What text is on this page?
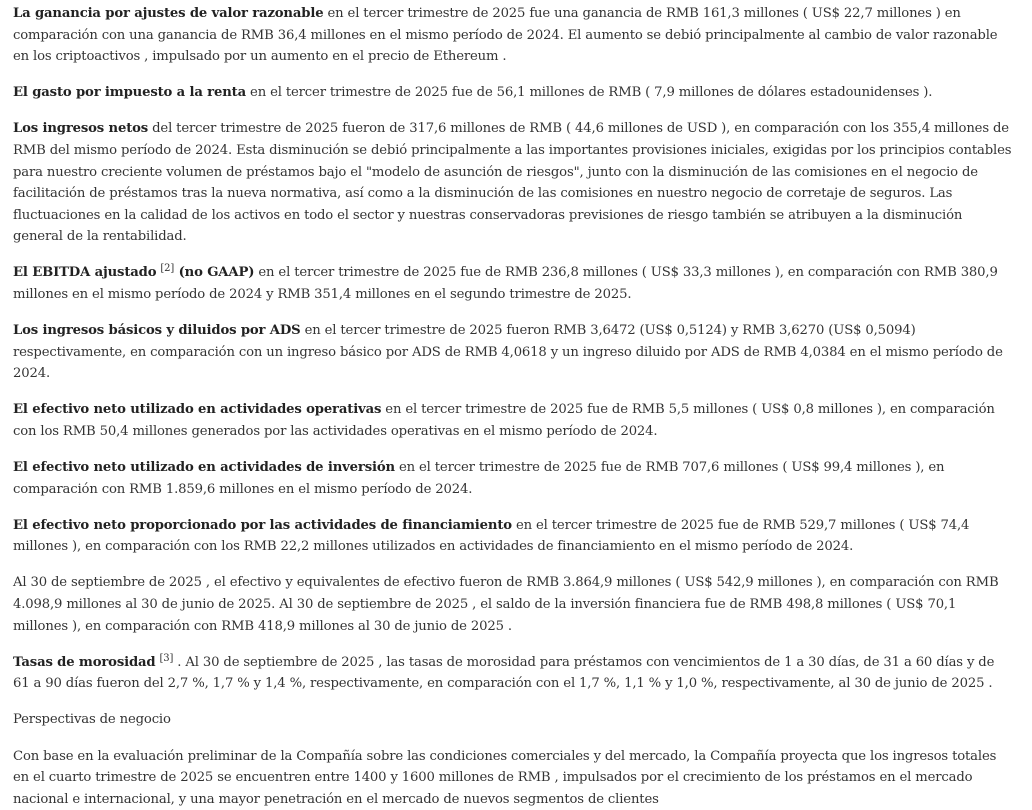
La ganancia por ajustes de valor razonable en el tercer trimestre de 2025 fue una ganancia de RMB 161,3 millones ( US$ 22,7 millones ) en comparación con una ganancia de RMB 36,4 millones en el mismo período de 2024. El aumento se debió principalmente al cambio de valor razonable en los criptoactivos , impulsado por un aumento en el precio de Ethereum .

El gasto por impuesto a la renta en el tercer trimestre de 2025 fue de 56,1 millones de RMB ( 7,9 millones de dólares estadounidenses ).

Los ingresos netos del tercer trimestre de 2025 fueron de 317,6 millones de RMB ( 44,6 millones de USD ), en comparación con los 355,4 millones de RMB del mismo período de 2024. Esta disminución se debió principalmente a las importantes provisiones iniciales, exigidas por los principios contables para nuestro creciente volumen de préstamos bajo el "modelo de asunción de riesgos", junto con la disminución de las comisiones en el negocio de facilitación de préstamos tras la nueva normativa, así como a la disminución de las comisiones en nuestro negocio de corretaje de seguros. Las fluctuaciones en la calidad de los activos en todo el sector y nuestras conservadoras previsiones de riesgo también se atribuyen a la disminución general de la rentabilidad.

El EBITDA ajustado [2] (no GAAP) en el tercer trimestre de 2025 fue de RMB 236,8 millones ( US$ 33,3 millones ), en comparación con RMB 380,9 millones en el mismo período de 2024 y RMB 351,4 millones en el segundo trimestre de 2025.

Los ingresos básicos y diluidos por ADS en el tercer trimestre de 2025 fueron RMB 3,6472 (US$ 0,5124) y RMB 3,6270 (US$ 0,5094) respectivamente, en comparación con un ingreso básico por ADS de RMB 4,0618 y un ingreso diluido por ADS de RMB 4,0384 en el mismo período de 2024.

El efectivo neto utilizado en actividades operativas en el tercer trimestre de 2025 fue de RMB 5,5 millones ( US$ 0,8 millones ), en comparación con los RMB 50,4 millones generados por las actividades operativas en el mismo período de 2024.

El efectivo neto utilizado en actividades de inversión en el tercer trimestre de 2025 fue de RMB 707,6 millones ( US$ 99,4 millones ), en comparación con RMB 1.859,6 millones en el mismo período de 2024.

El efectivo neto proporcionado por las actividades de financiamiento en el tercer trimestre de 2025 fue de RMB 529,7 millones ( US$ 74,4 millones ), en comparación con los RMB 22,2 millones utilizados en actividades de financiamiento en el mismo período de 2024.

Al 30 de septiembre de 2025 , el efectivo y equivalentes de efectivo fueron de RMB 3.864,9 millones ( US$ 542,9 millones ), en comparación con RMB 4.098,9 millones al 30 de junio de 2025. Al 30 de septiembre de 2025 , el saldo de la inversión financiera fue de RMB 498,8 millones ( US$ 70,1 millones ), en comparación con RMB 418,9 millones al 30 de junio de 2025 .

Tasas de morosidad [3] . Al 30 de septiembre de 2025 , las tasas de morosidad para préstamos con vencimientos de 1 a 30 días, de 31 a 60 días y de 61 a 90 días fueron del 2,7 %, 1,7 % y 1,4 %, respectivamente, en comparación con el 1,7 %, 1,1 % y 1,0 %, respectivamente, al 30 de junio de 2025 .

Perspectivas de negocio

Con base en la evaluación preliminar de la Compañía sobre las condiciones comerciales y del mercado, la Compañía proyecta que los ingresos totales en el cuarto trimestre de 2025 se encuentren entre 1400 y 1600 millones de RMB , impulsados por el crecimiento de los préstamos en el mercado nacional e internacional, y una mayor penetración en el mercado de nuevos segmentos de clientes
